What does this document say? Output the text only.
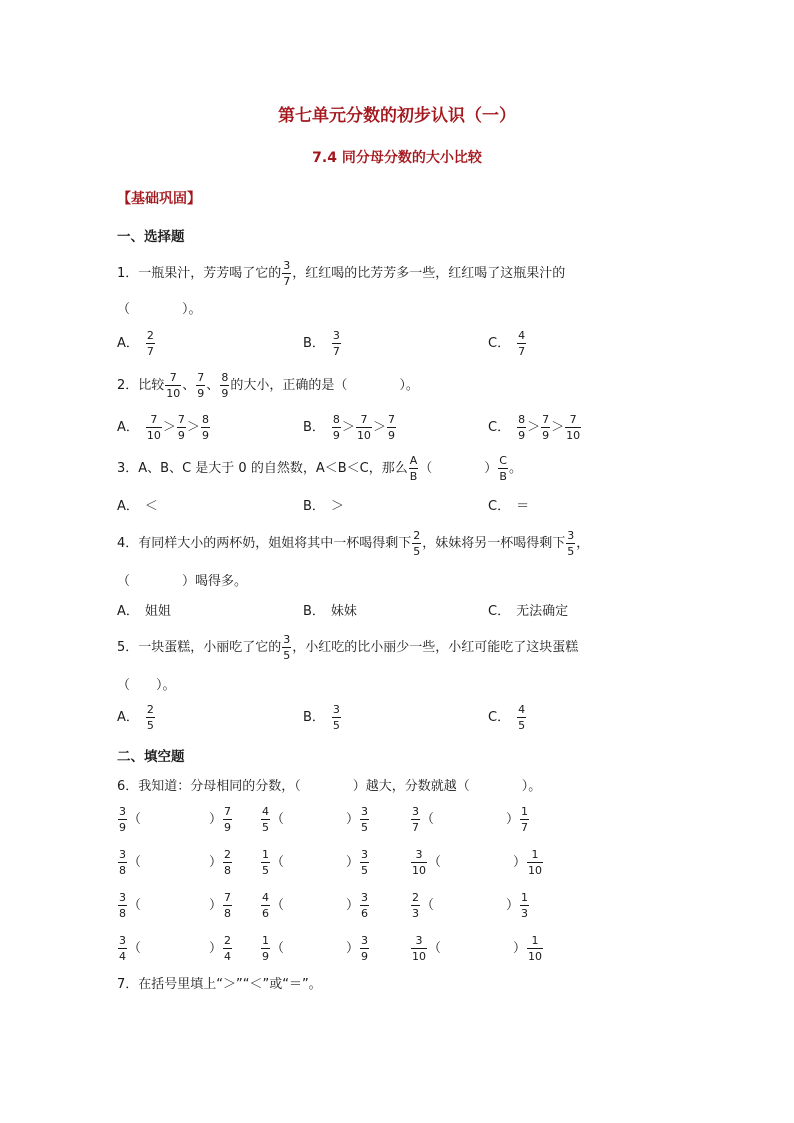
第七单元分数的初步认识（一）
7.4 同分母分数的大小比较
【基础巩固】
一、选择题
1．一瓶果汁，芳芳喝了它的 $\frac{3}{7}$ ，红红喝的比芳芳多一些，红红喝了这瓶果汁的
（　　　　）。
A． $\frac{2}{7}$	B． $\frac{3}{7}$	C． $\frac{4}{7}$
2．比较 $\frac{7}{10}$ 、 $\frac{7}{9}$ 、 $\frac{8}{9}$ 的大小，正确的是（　　　　）。
A． $\frac{7}{10} > \frac{7}{9} > \frac{8}{9}$	B． $\frac{8}{9} > \frac{7}{10} > \frac{7}{9}$	C． $\frac{8}{9} > \frac{7}{9} > \frac{7}{10}$
3．A、B、C 是大于 0 的自然数，A＜B＜C，那么 $\frac{A}{B}$ （　　　　） $\frac{C}{B}$ 。
A． ＜	B． ＞	C． ＝
4．有同样大小的两杯奶，姐姐将其中一杯喝得剩下 $\frac{2}{5}$ ，妹妹将另一杯喝得剩下 $\frac{3}{5}$ ，
（　　　　）喝得多。
A． 姐姐	B． 妹妹	C． 无法确定
5．一块蛋糕，小丽吃了它的 $\frac{3}{5}$ ，小红吃的比小丽少一些，小红可能吃了这块蛋糕
（　　）。
A． $\frac{2}{5}$	B． $\frac{3}{5}$	C． $\frac{4}{5}$
二、填空题
6．我知道：分母相同的分数，（　　　　）越大，分数就越（　　　　）。
$\frac{3}{9}$ （	） $\frac{7}{9}$	$\frac{4}{5}$ （	） $\frac{3}{5}$	$\frac{3}{7}$ （	） $\frac{1}{7}$
$\frac{3}{8}$ （	） $\frac{2}{8}$	$\frac{1}{5}$ （	） $\frac{3}{5}$	$\frac{3}{10}$ （	） $\frac{1}{10}$
$\frac{3}{8}$ （	） $\frac{7}{8}$	$\frac{4}{6}$ （	） $\frac{3}{6}$	$\frac{2}{3}$ （	） $\frac{1}{3}$
$\frac{3}{4}$ （	） $\frac{2}{4}$	$\frac{1}{9}$ （	） $\frac{3}{9}$	$\frac{3}{10}$ （	） $\frac{1}{10}$
7．在括号里填上“＞”“＜”或“＝”。
